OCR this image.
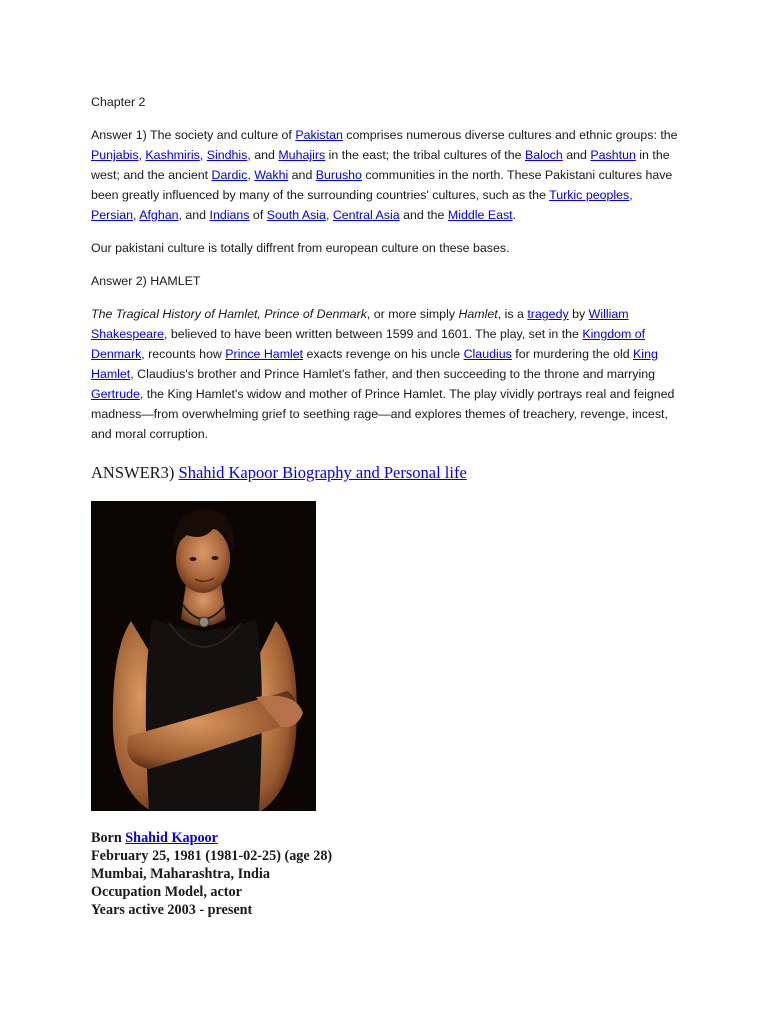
Chapter 2

Answer 1) The society and culture of Pakistan comprises numerous diverse cultures and ethnic groups: the Punjabis, Kashmiris, Sindhis, and Muhajirs in the east; the tribal cultures of the Baloch and Pashtun in the west; and the ancient Dardic, Wakhi and Burusho communities in the north. These Pakistani cultures have been greatly influenced by many of the surrounding countries' cultures, such as the Turkic peoples, Persian, Afghan, and Indians of South Asia, Central Asia and the Middle East.

Our pakistani culture is totally diffrent from european culture on these bases.

Answer 2) HAMLET

The Tragical History of Hamlet, Prince of Denmark, or more simply Hamlet, is a tragedy by William Shakespeare, believed to have been written between 1599 and 1601. The play, set in the Kingdom of Denmark, recounts how Prince Hamlet exacts revenge on his uncle Claudius for murdering the old King Hamlet, Claudius's brother and Prince Hamlet's father, and then succeeding to the throne and marrying Gertrude, the King Hamlet's widow and mother of Prince Hamlet. The play vividly portrays real and feigned madness—from overwhelming grief to seething rage—and explores themes of treachery, revenge, incest, and moral corruption.

ANSWER3) Shahid Kapoor Biography and Personal life

Born Shahid Kapoor
February 25, 1981 (1981-02-25) (age 28)
Mumbai, Maharashtra, India
Occupation Model, actor
Years active 2003 - present
